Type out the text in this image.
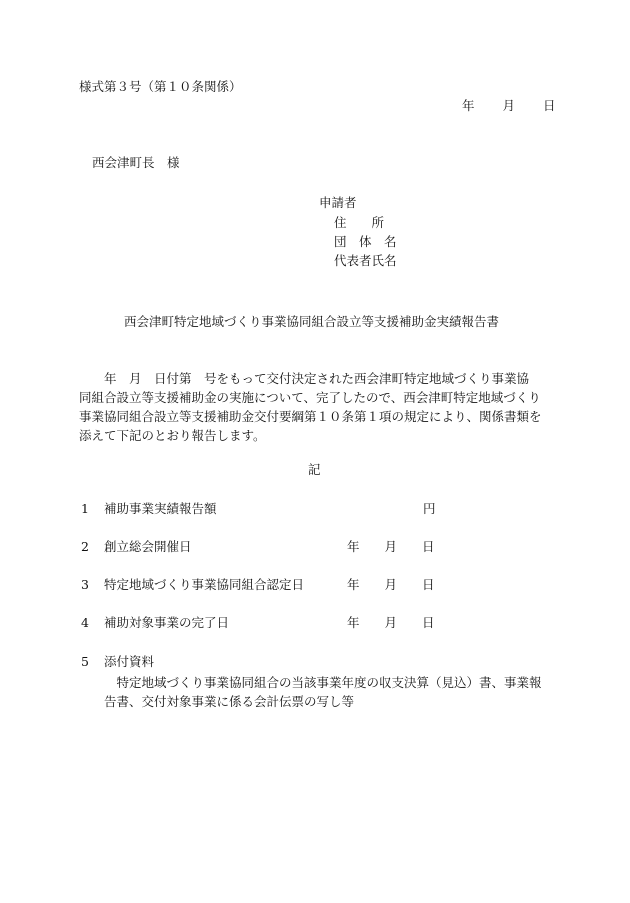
様式第３号（第１０条関係）
年 月 日
西会津町長　様
申請者
住　　所
団　体　名
代表者氏名
西会津町特定地域づくり事業協同組合設立等支援補助金実績報告書
　　年　月　日付第　号をもって交付決定された西会津町特定地域づくり事業協
同組合設立等支援補助金の実施について、完了したので、西会津町特定地域づくり
事業協同組合設立等支援補助金交付要綱第１０条第１項の規定により、関係書類を
添えて下記のとおり報告します。
記
1 補助事業実績報告額	円
2 創立総会開催日	年　　月　　日
3 特定地域づくり事業協同組合認定日	年　　月　　日
4 補助対象事業の完了日	年　　月　　日
5 添付資料
　　　特定地域づくり事業協同組合の当該事業年度の収支決算（見込）書、事業報
　　告書、交付対象事業に係る会計伝票の写し等
